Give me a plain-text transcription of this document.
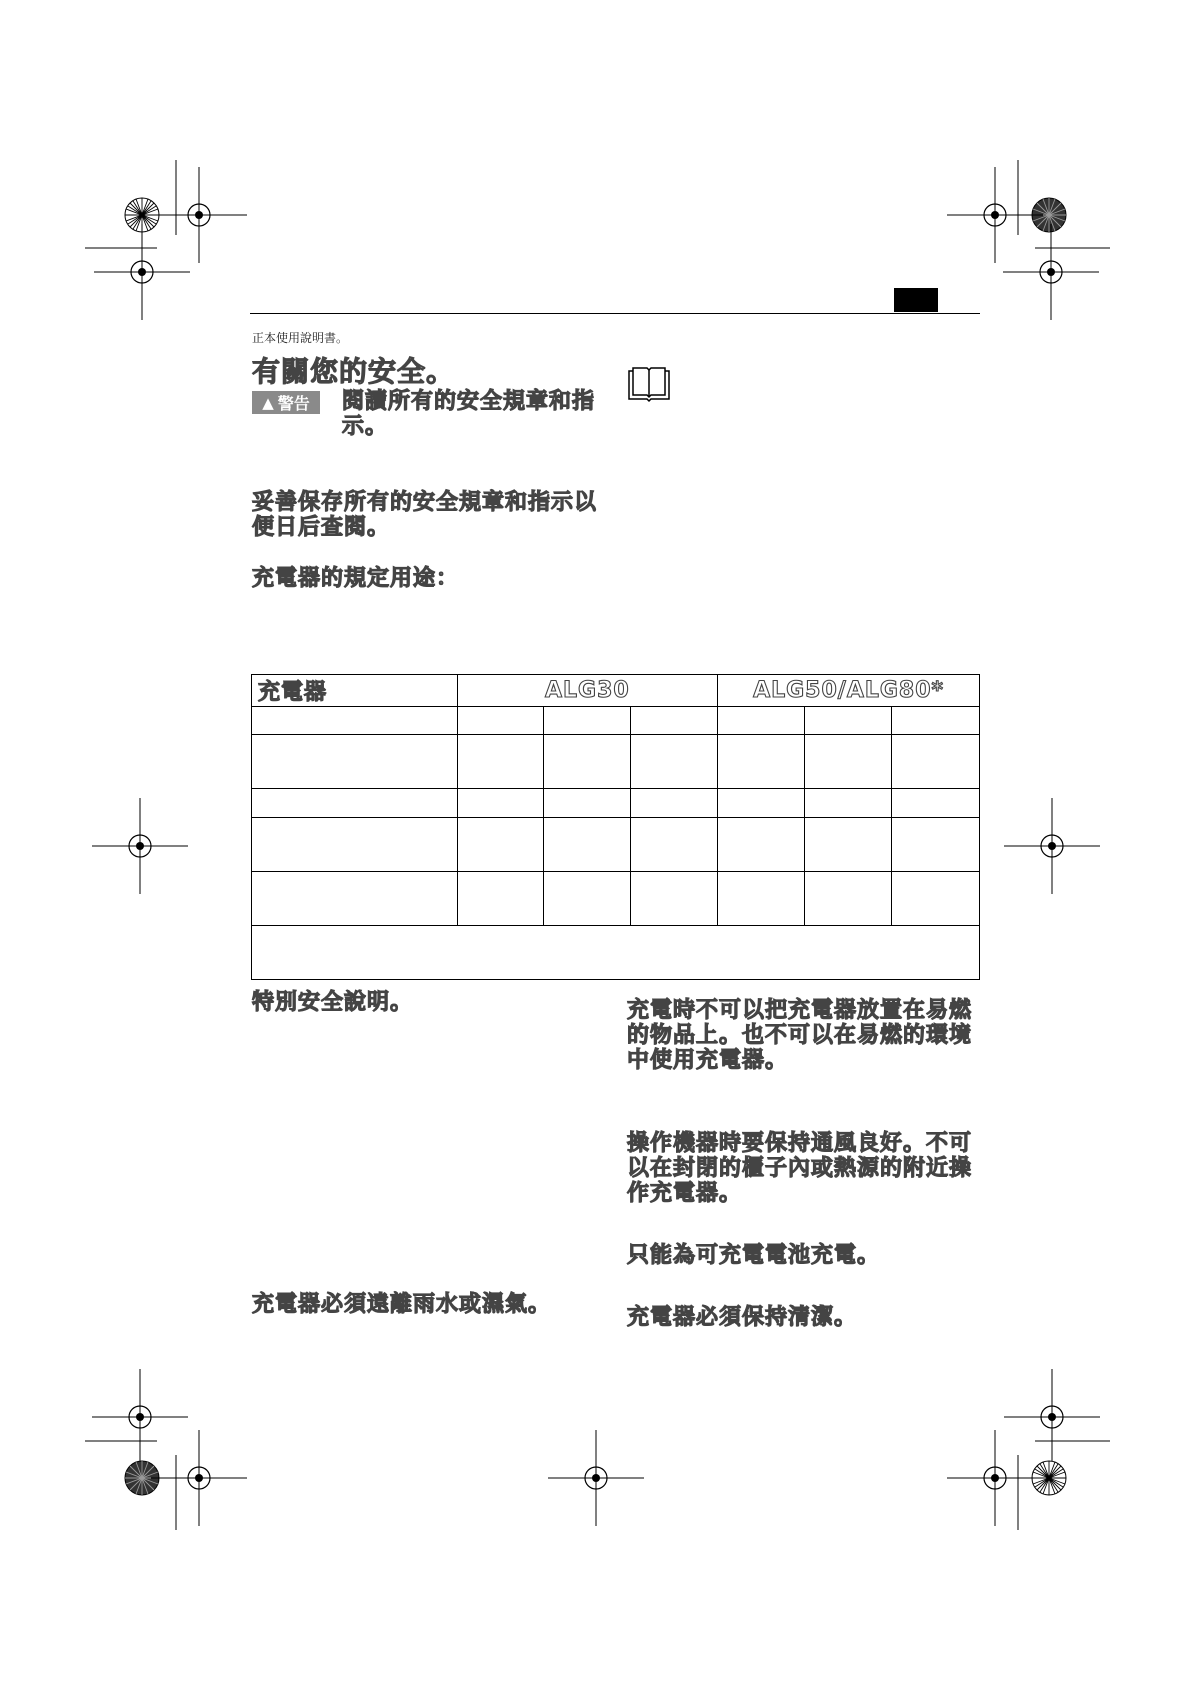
正本使用說明書。
有關您的安全。
▲ 警告 閱讀所有的安全規章和指
示。
妥善保存所有的安全規章和指示以
便日后查閱。
充電器的規定用途：
充電器	ALG30			ALG50/ALG80*		

特別安全說明。	充電時不可以把充電器放置在易燃
的物品上。也不可以在易燃的環境
中使用充電器。
操作機器時要保持通風良好。不可
以在封閉的櫃子內或熱源的附近操
作充電器。
只能為可充電電池充電。
充電器必須遠離雨水或濕氣。
充電器必須保持清潔。
